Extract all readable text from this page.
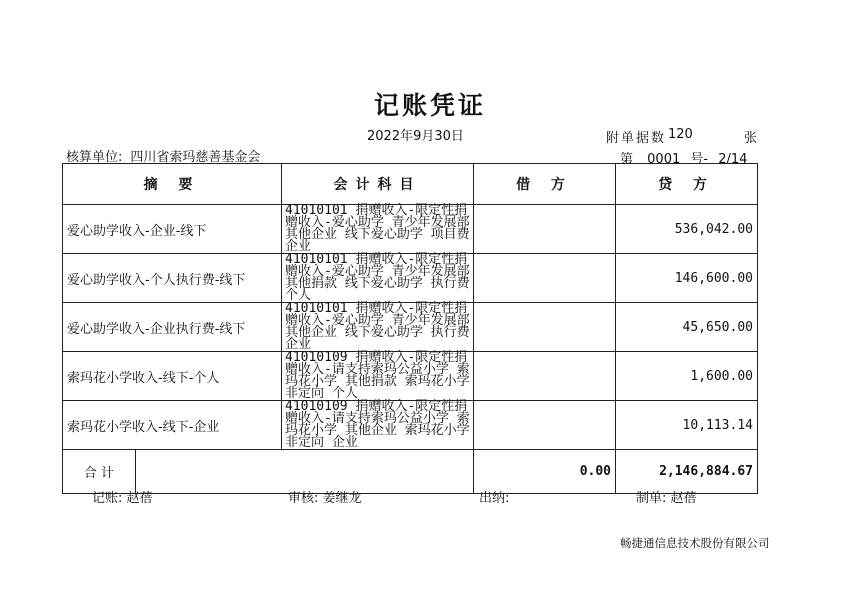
记账凭证
2022年9月30日	附单据数 120	张
核算单位: 四川省索玛慈善基金会	第 0001 号- 2/14
摘 要	会计科目	借 方	贷 方
爱心助学收入-企业-线下	41010101 捐赠收入-限定性捐赠收入-爱心助学 青少年发展部 其他企业 线下爱心助学 项目费 企业		536,042.00
爱心助学收入-个人执行费-线下	41010101 捐赠收入-限定性捐赠收入-爱心助学 青少年发展部 其他捐款 线下爱心助学 执行费 个人		146,600.00
爱心助学收入-企业执行费-线下	41010101 捐赠收入-限定性捐赠收入-爱心助学 青少年发展部 其他企业 线下爱心助学 执行费 企业		45,650.00
索玛花小学收入-线下-个人	41010109 捐赠收入-限定性捐赠收入-请支持索玛公益小学 索玛花小学 其他捐款 索玛花小学 非定向 个人		1,600.00
索玛花小学收入-线下-企业	41010109 捐赠收入-限定性捐赠收入-请支持索玛公益小学 索玛花小学 其他企业 索玛花小学 非定向 企业		10,113.14

合 计		0.00	2,146,884.67
记账: 赵蓓	审核: 姜继龙	出纳:	制单: 赵蓓
畅捷通信息技术股份有限公司
